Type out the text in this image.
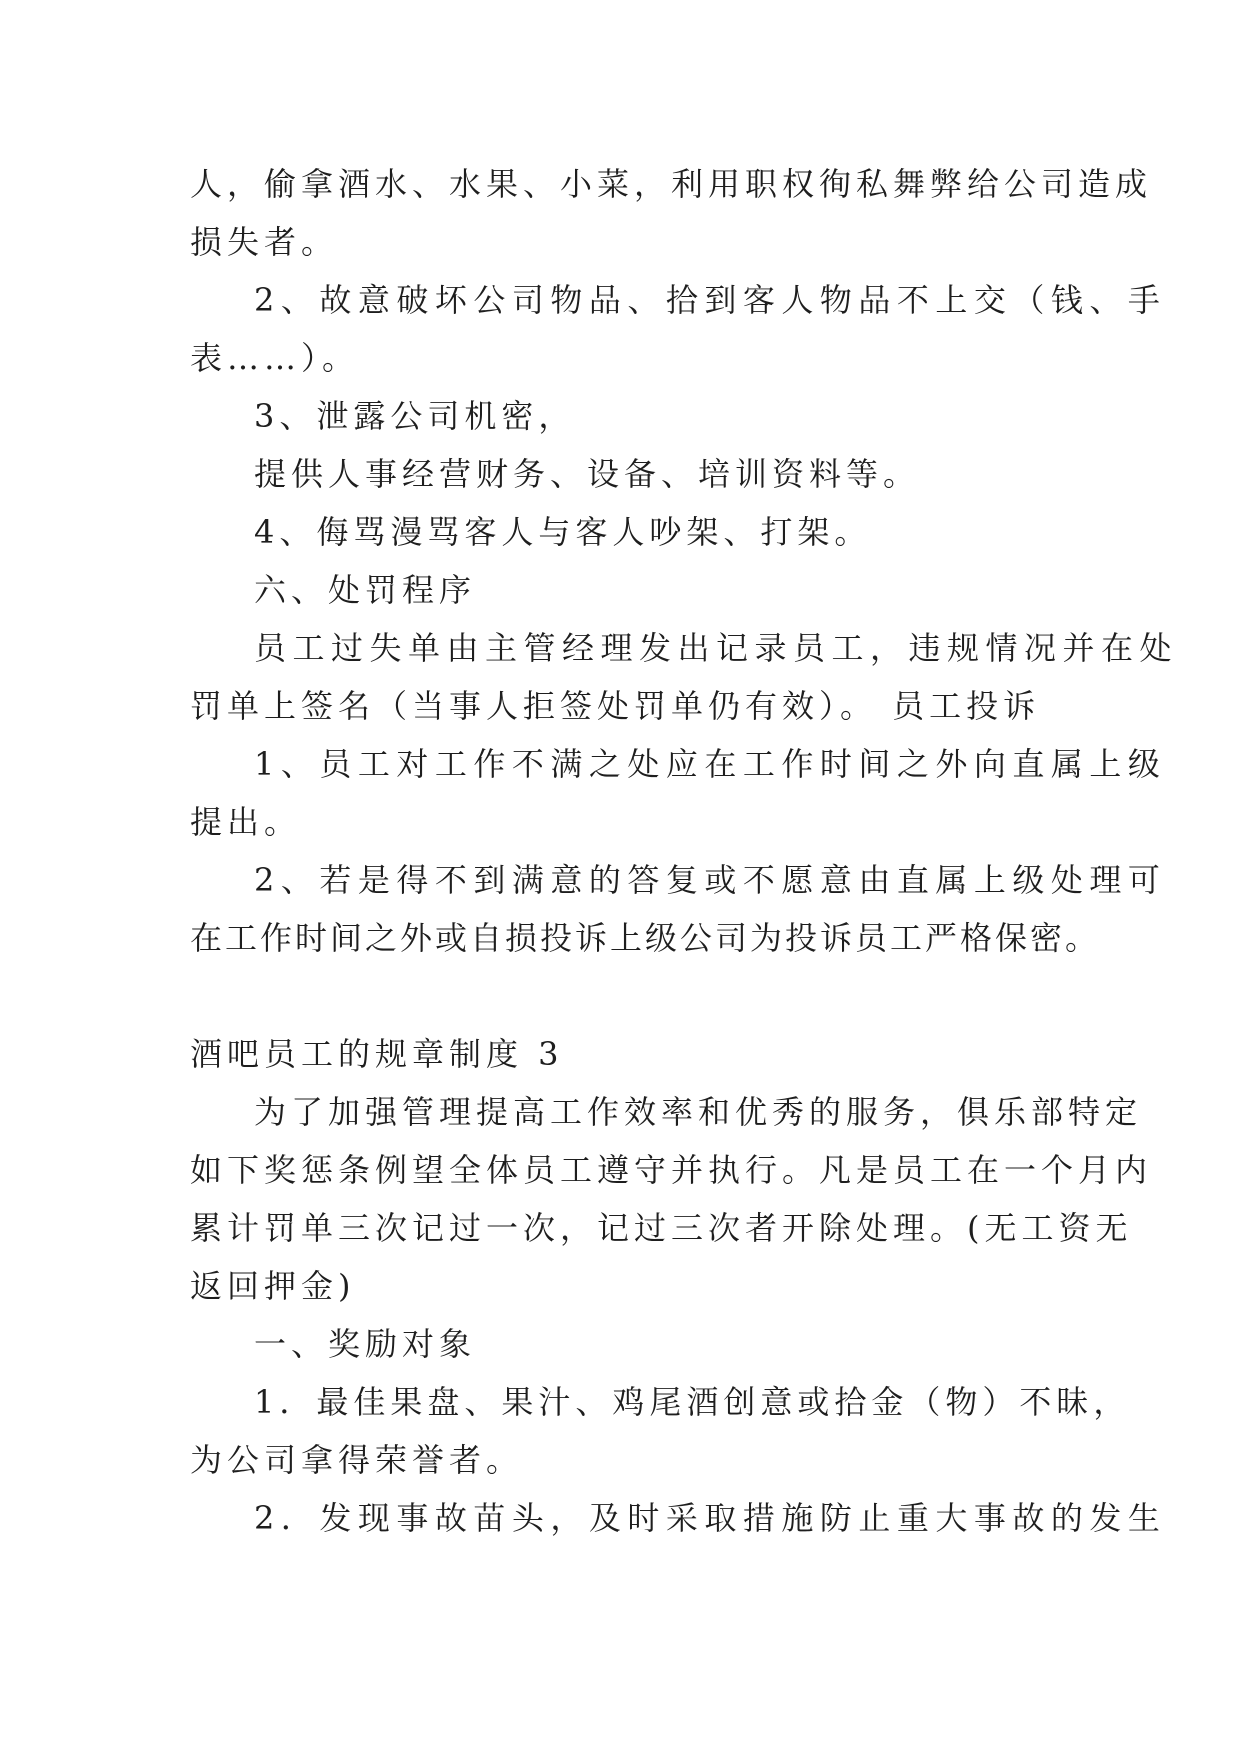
人，偷拿酒水、水果、小菜，利用职权徇私舞弊给公司造成

损失者。

2、故意破坏公司物品、拾到客人物品不上交（钱、手

表……）。

3、泄露公司机密，

提供人事经营财务、设备、培训资料等。

4、侮骂漫骂客人与客人吵架、打架。

六、处罚程序

员工过失单由主管经理发出记录员工，违规情况并在处

罚单上签名（当事人拒签处罚单仍有效）。 员工投诉

1、员工对工作不满之处应在工作时间之外向直属上级

提出。

2、若是得不到满意的答复或不愿意由直属上级处理可

在工作时间之外或自损投诉上级公司为投诉员工严格保密。

酒吧员工的规章制度 3

为了加强管理提高工作效率和优秀的服务，俱乐部特定

如下奖惩条例望全体员工遵守并执行。凡是员工在一个月内

累计罚单三次记过一次，记过三次者开除处理。(无工资无

返回押金)

一、奖励对象

1．最佳果盘、果汁、鸡尾酒创意或拾金（物）不昧，

为公司拿得荣誉者。

2．发现事故苗头，及时采取措施防止重大事故的发生
